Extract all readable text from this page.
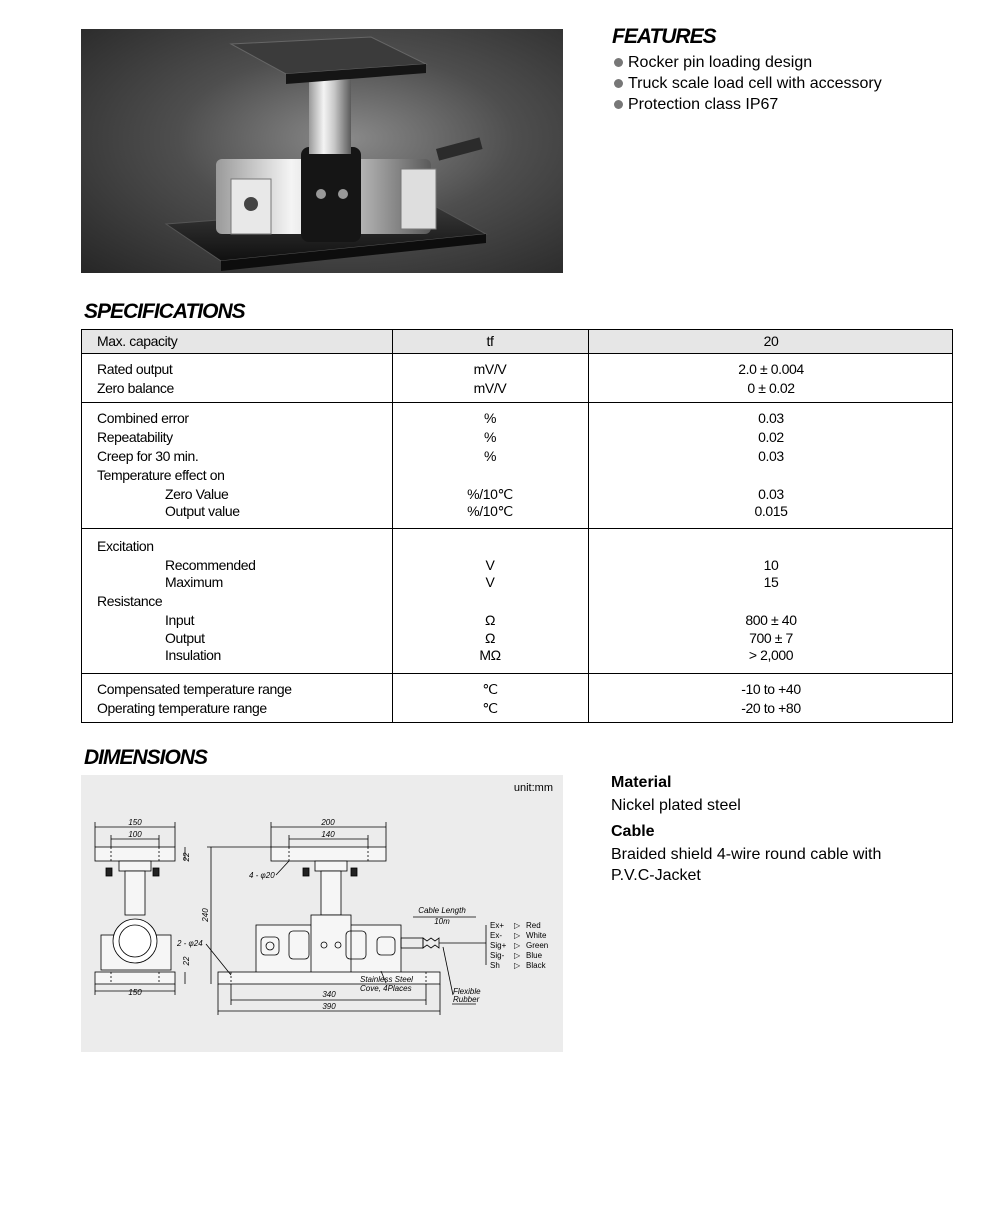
FEATURES
Rocker pin loading design
Truck scale load cell with accessory
Protection class IP67
SPECIFICATIONS
Max. capacity	tf	20
Rated output	mV/V	2.0 ± 0.004
Zero balance	mV/V	0 ± 0.02
Combined error	%	0.03
Repeatability	%	0.02
Creep for 30 min.	%	0.03
Temperature effect on
Zero Value	%/10℃	0.03
Output value	%/10℃	0.015
Excitation
Recommended	V	10
Maximum	V	15
Resistance
Input	Ω	800 ± 40
Output	Ω	700 ± 7
Insulation	MΩ	> 2,000
Compensated temperature range	℃	-10 to +40
Operating temperature range	℃	-20 to +80
DIMENSIONS
unit:mm
150
100
22
200
140
4 - φ20
240
2 - φ24
22
150	340
390
Cable Length
10m
Stainless Steel
Cove, 4Places	Flexible
Rubber
Ex+ ▷ Red
Ex- ▷ White
Sig+ ▷ Green
Sig- ▷ Blue
Sh ▷ Black
Material
Nickel plated steel
Cable
Braided shield 4-wire round cable with P.V.C-Jacket
